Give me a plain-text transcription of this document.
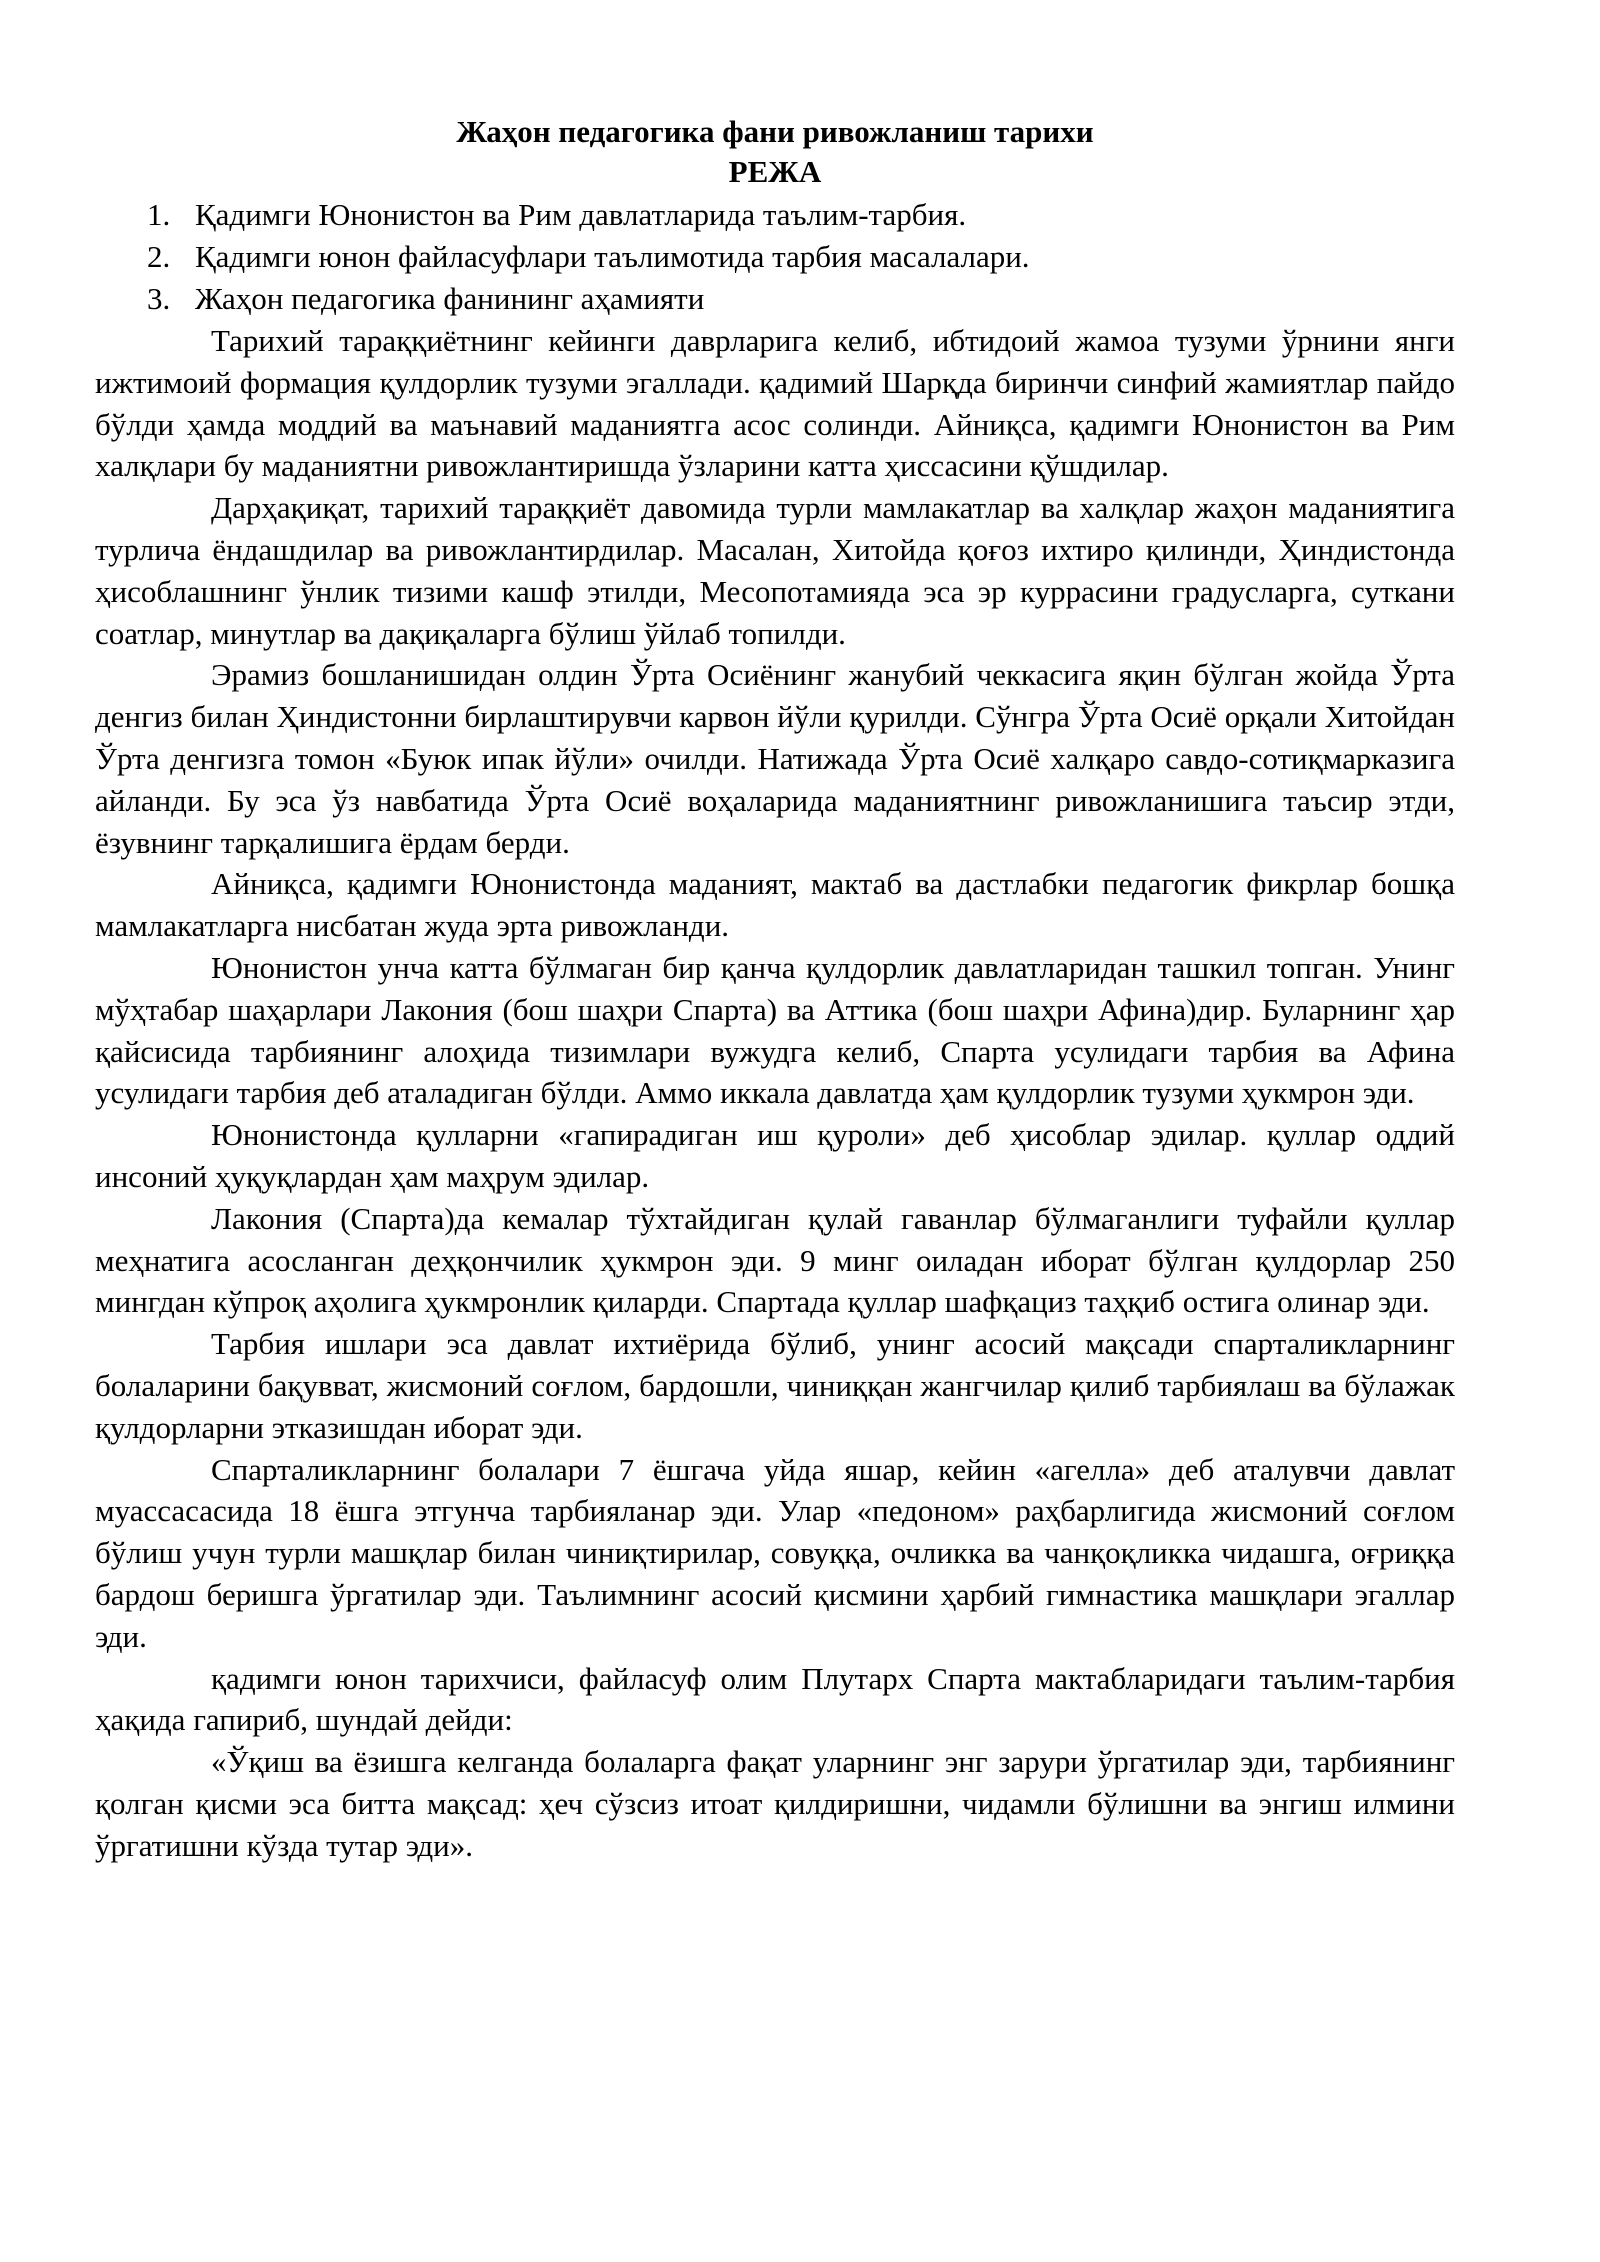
Жаҳон педагогика фани ривожланиш тарихи
РЕЖА
1. Қадимги Юнонистон ва Рим давлатларида таълим-тарбия.
2. Қадимги юнон файласуфлари таълимотида тарбия масалалари.
3. Жаҳон педагогика фанининг аҳамияти

Тарихий тараққиётнинг кейинги даврларига келиб, ибтидоий жамоа тузуми ўрнини янги ижтимоий формация қулдорлик тузуми эгаллади. қадимий Шарқда биринчи синфий жамиятлар пайдо бўлди ҳамда моддий ва маънавий маданиятга асос солинди. Айниқса, қадимги Юнонистон ва Рим халқлари бу маданиятни ривожлантиришда ўзларини катта ҳиссасини қўшдилар.

Дарҳақиқат, тарихий тараққиёт давомида турли мамлакатлар ва халқлар жаҳон маданиятига турлича ёндашдилар ва ривожлантирдилар. Масалан, Хитойда қоғоз ихтиро қилинди, Ҳиндистонда ҳисоблашнинг ўнлик тизими кашф этилди, Месопотамияда эса эр куррасини градусларга, суткани соатлар, минутлар ва дақиқаларга бўлиш ўйлаб топилди.

Эрамиз бошланишидан олдин Ўрта Осиёнинг жанубий чеккасига яқин бўлган жойда Ўрта денгиз билан Ҳиндистонни бирлаштирувчи карвон йўли қурилди. Сўнгра Ўрта Осиё орқали Хитойдан Ўрта денгизга томон «Буюк ипак йўли» очилди. Натижада Ўрта Осиё халқаро савдо-сотиқмарказига айланди. Бу эса ўз навбатида Ўрта Осиё воҳаларида маданиятнинг ривожланишига таъсир этди, ёзувнинг тарқалишига ёрдам берди.

Айниқса, қадимги Юнонистонда маданият, мактаб ва дастлабки педагогик фикрлар бошқа мамлакатларга нисбатан жуда эрта ривожланди.

Юнонистон унча катта бўлмаган бир қанча қулдорлик давлатларидан ташкил топган. Унинг мўҳтабар шаҳарлари Лакония (бош шаҳри Спарта) ва Аттика (бош шаҳри Афина)дир. Буларнинг ҳар қайсисида тарбиянинг алоҳида тизимлари вужудга келиб, Спарта усулидаги тарбия ва Афина усулидаги тарбия деб аталадиган бўлди. Аммо иккала давлатда ҳам қулдорлик тузуми ҳукмрон эди.

Юнонистонда қулларни «гапирадиган иш қуроли» деб ҳисоблар эдилар. қуллар оддий инсоний ҳуқуқлардан ҳам маҳрум эдилар.

Лакония (Спарта)да кемалар тўхтайдиган қулай гаванлар бўлмаганлиги туфайли қуллар меҳнатига асосланган деҳқончилик ҳукмрон эди. 9 минг оиладан иборат бўлган қулдорлар 250 мингдан кўпроқ аҳолига ҳукмронлик қиларди. Спартада қуллар шафқациз таҳқиб остига олинар эди.

Тарбия ишлари эса давлат ихтиёрида бўлиб, унинг асосий мақсади спарталикларнинг болаларини бақувват, жисмоний соғлом, бардошли, чиниққан жангчилар қилиб тарбиялаш ва бўлажак қулдорларни этказишдан иборат эди.

Спарталикларнинг болалари 7 ёшгача уйда яшар, кейин «агелла» деб аталувчи давлат муассасасида 18 ёшга этгунча тарбияланар эди. Улар «педоном» раҳбарлигида жисмоний соғлом бўлиш учун турли машқлар билан чиниқтирилар, совуққа, очликка ва чанқоқликка чидашга, оғриққа бардош беришга ўргатилар эди. Таълимнинг асосий қисмини ҳарбий гимнастика машқлари эгаллар эди.

қадимги юнон тарихчиси, файласуф олим Плутарх Спарта мактабларидаги таълим-тарбия ҳақида гапириб, шундай дейди:

«Ўқиш ва ёзишга келганда болаларга фақат уларнинг энг зарури ўргатилар эди, тарбиянинг қолган қисми эса битта мақсад: ҳеч сўзсиз итоат қилдиришни, чидамли бўлишни ва энгиш илмини ўргатишни кўзда тутар эди».
